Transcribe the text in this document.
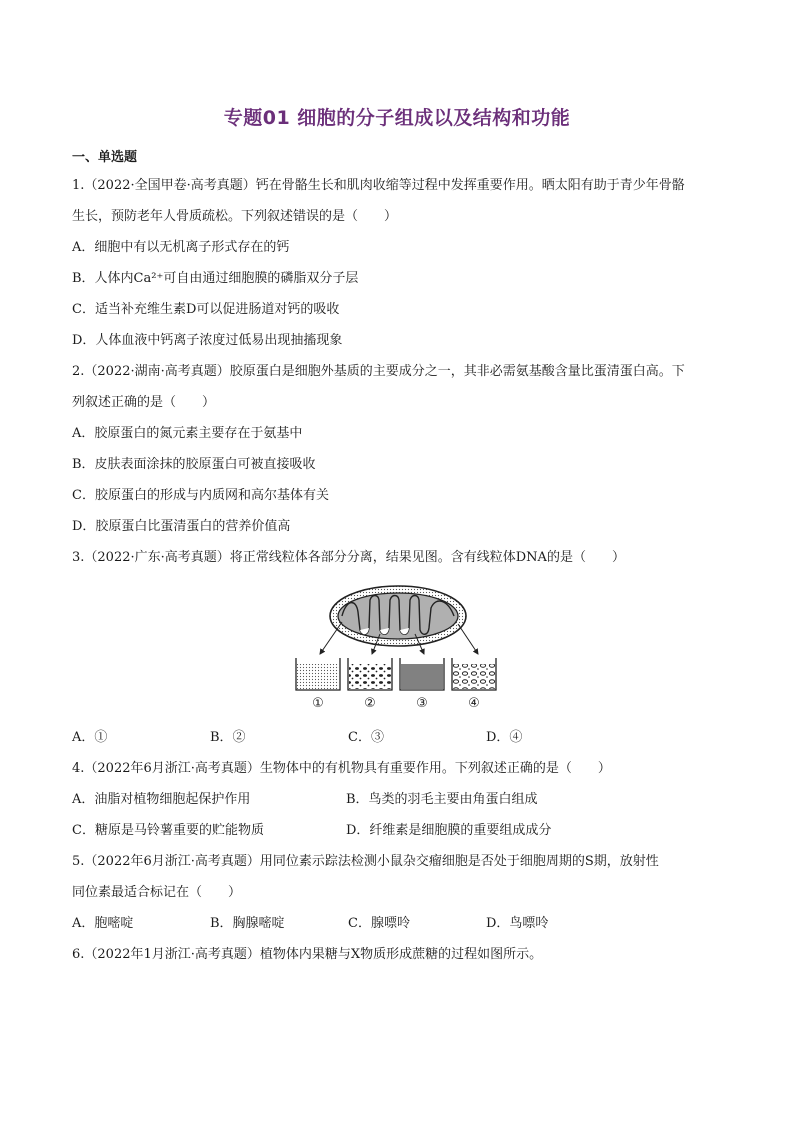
专题01 细胞的分子组成以及结构和功能
一、单选题
1.（2022·全国甲卷·高考真题）钙在骨骼生长和肌肉收缩等过程中发挥重要作用。晒太阳有助于青少年骨骼
生长，预防老年人骨质疏松。下列叙述错误的是（　　）
A．细胞中有以无机离子形式存在的钙
B．人体内Ca²⁺可自由通过细胞膜的磷脂双分子层
C．适当补充维生素D可以促进肠道对钙的吸收
D．人体血液中钙离子浓度过低易出现抽搐现象
2.（2022·湖南·高考真题）胶原蛋白是细胞外基质的主要成分之一，其非必需氨基酸含量比蛋清蛋白高。下
列叙述正确的是（　　）
A．胶原蛋白的氮元素主要存在于氨基中
B．皮肤表面涂抹的胶原蛋白可被直接吸收
C．胶原蛋白的形成与内质网和高尔基体有关
D．胶原蛋白比蛋清蛋白的营养价值高
3.（2022·广东·高考真题）将正常线粒体各部分分离，结果见图。含有线粒体DNA的是（　　）
①	②	③	④
A．①	B．②	C．③	D．④
4.（2022年6月浙江·高考真题）生物体中的有机物具有重要作用。下列叙述正确的是（　　）
A．油脂对植物细胞起保护作用	B．鸟类的羽毛主要由角蛋白组成
C．糖原是马铃薯重要的贮能物质	D．纤维素是细胞膜的重要组成成分
5.（2022年6月浙江·高考真题）用同位素示踪法检测小鼠杂交瘤细胞是否处于细胞周期的S期，放射性
同位素最适合标记在（　　）
A．胞嘧啶	B．胸腺嘧啶	C．腺嘌呤	D．鸟嘌呤
6.（2022年1月浙江·高考真题）植物体内果糖与X物质形成蔗糖的过程如图所示。
